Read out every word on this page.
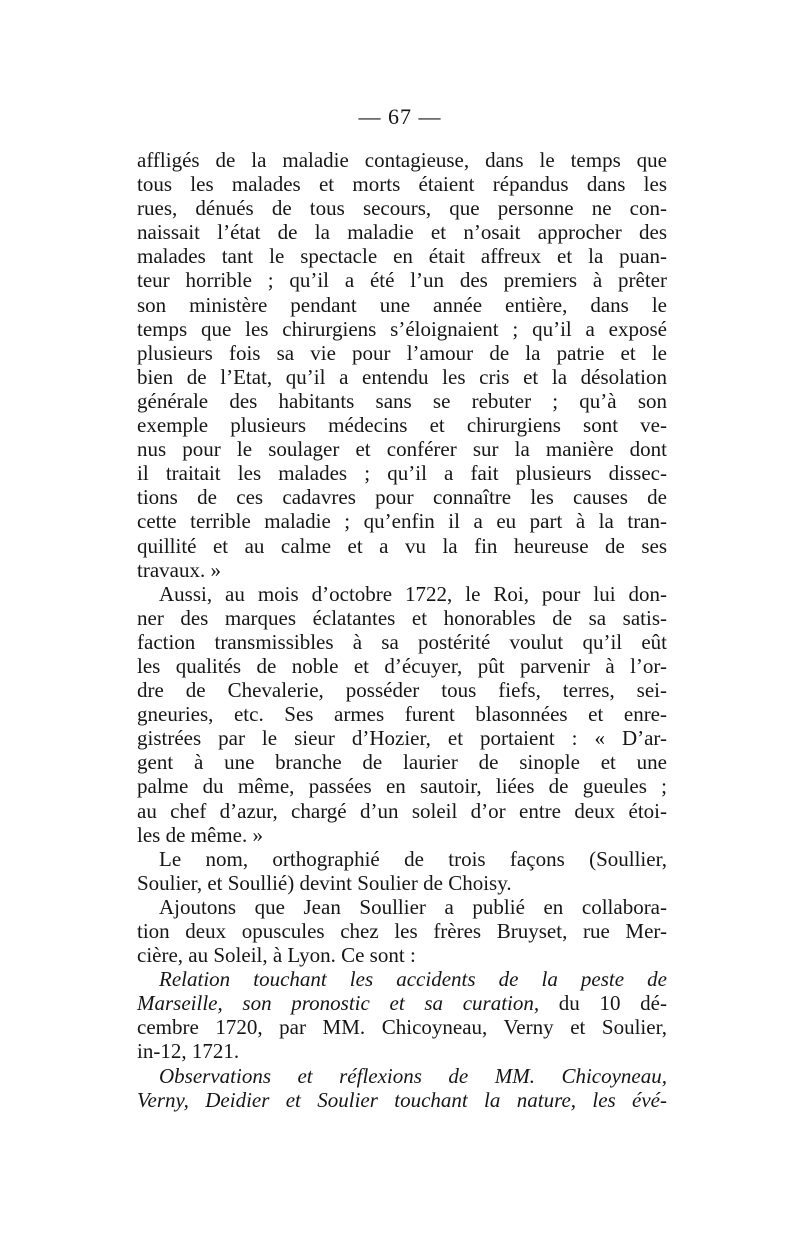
— 67 —
affligés de la maladie contagieuse, dans le temps que
tous les malades et morts étaient répandus dans les
rues, dénués de tous secours, que personne ne con-
naissait l’état de la maladie et n’osait approcher des
malades tant le spectacle en était affreux et la puan-
teur horrible ; qu’il a été l’un des premiers à prêter
son ministère pendant une année entière, dans le
temps que les chirurgiens s’éloignaient ; qu’il a exposé
plusieurs fois sa vie pour l’amour de la patrie et le
bien de l’Etat, qu’il a entendu les cris et la désolation
générale des habitants sans se rebuter ; qu’à son
exemple plusieurs médecins et chirurgiens sont ve-
nus pour le soulager et conférer sur la manière dont
il traitait les malades ; qu’il a fait plusieurs dissec-
tions de ces cadavres pour connaître les causes de
cette terrible maladie ; qu’enfin il a eu part à la tran-
quillité et au calme et a vu la fin heureuse de ses
travaux. »
Aussi, au mois d’octobre 1722, le Roi, pour lui don-
ner des marques éclatantes et honorables de sa satis-
faction transmissibles à sa postérité voulut qu’il eût
les qualités de noble et d’écuyer, pût parvenir à l’or-
dre de Chevalerie, posséder tous fiefs, terres, sei-
gneuries, etc. Ses armes furent blasonnées et enre-
gistrées par le sieur d’Hozier, et portaient : « D’ar-
gent à une branche de laurier de sinople et une
palme du même, passées en sautoir, liées de gueules ;
au chef d’azur, chargé d’un soleil d’or entre deux étoi-
les de même. »
Le nom, orthographié de trois façons (Soullier,
Soulier, et Soullié) devint Soulier de Choisy.
Ajoutons que Jean Soullier a publié en collabora-
tion deux opuscules chez les frères Bruyset, rue Mer-
cière, au Soleil, à Lyon. Ce sont :
Relation touchant les accidents de la peste de
Marseille, son pronostic et sa curation, du 10 dé-
cembre 1720, par MM. Chicoyneau, Verny et Soulier,
in-12, 1721.
Observations et réflexions de MM. Chicoyneau,
Verny, Deidier et Soulier touchant la nature, les évé-
